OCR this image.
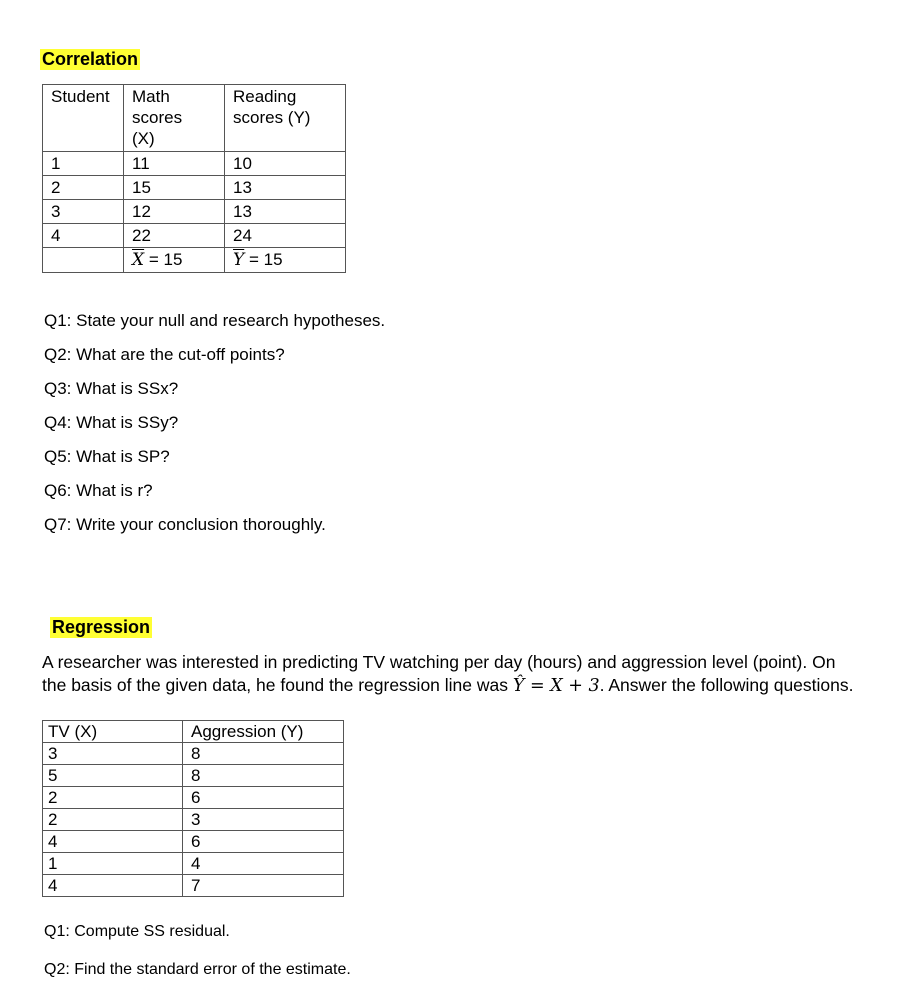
Correlation
Student	Math scores (X)	Reading scores (Y)

1	11	10
2	15	13
3	12	13
4	22	24
	$\overline{X} = 15$	$\overline{Y} = 15$
Q1: State your null and research hypotheses.
Q2: What are the cut-off points?
Q3: What is SSx?
Q4: What is SSy?
Q5: What is SP?
Q6: What is r?
Q7: Write your conclusion thoroughly.
Regression
A researcher was interested in predicting TV watching per day (hours) and aggression level (point). On
the basis of the given data, he found the regression line was Ŷ = X + 3. Answer the following questions.
TV (X)	Aggression (Y)
3	8
5	8
2	6
2	3
4	6
1	4
4	7
Q1: Compute SS residual.
Q2: Find the standard error of the estimate.
